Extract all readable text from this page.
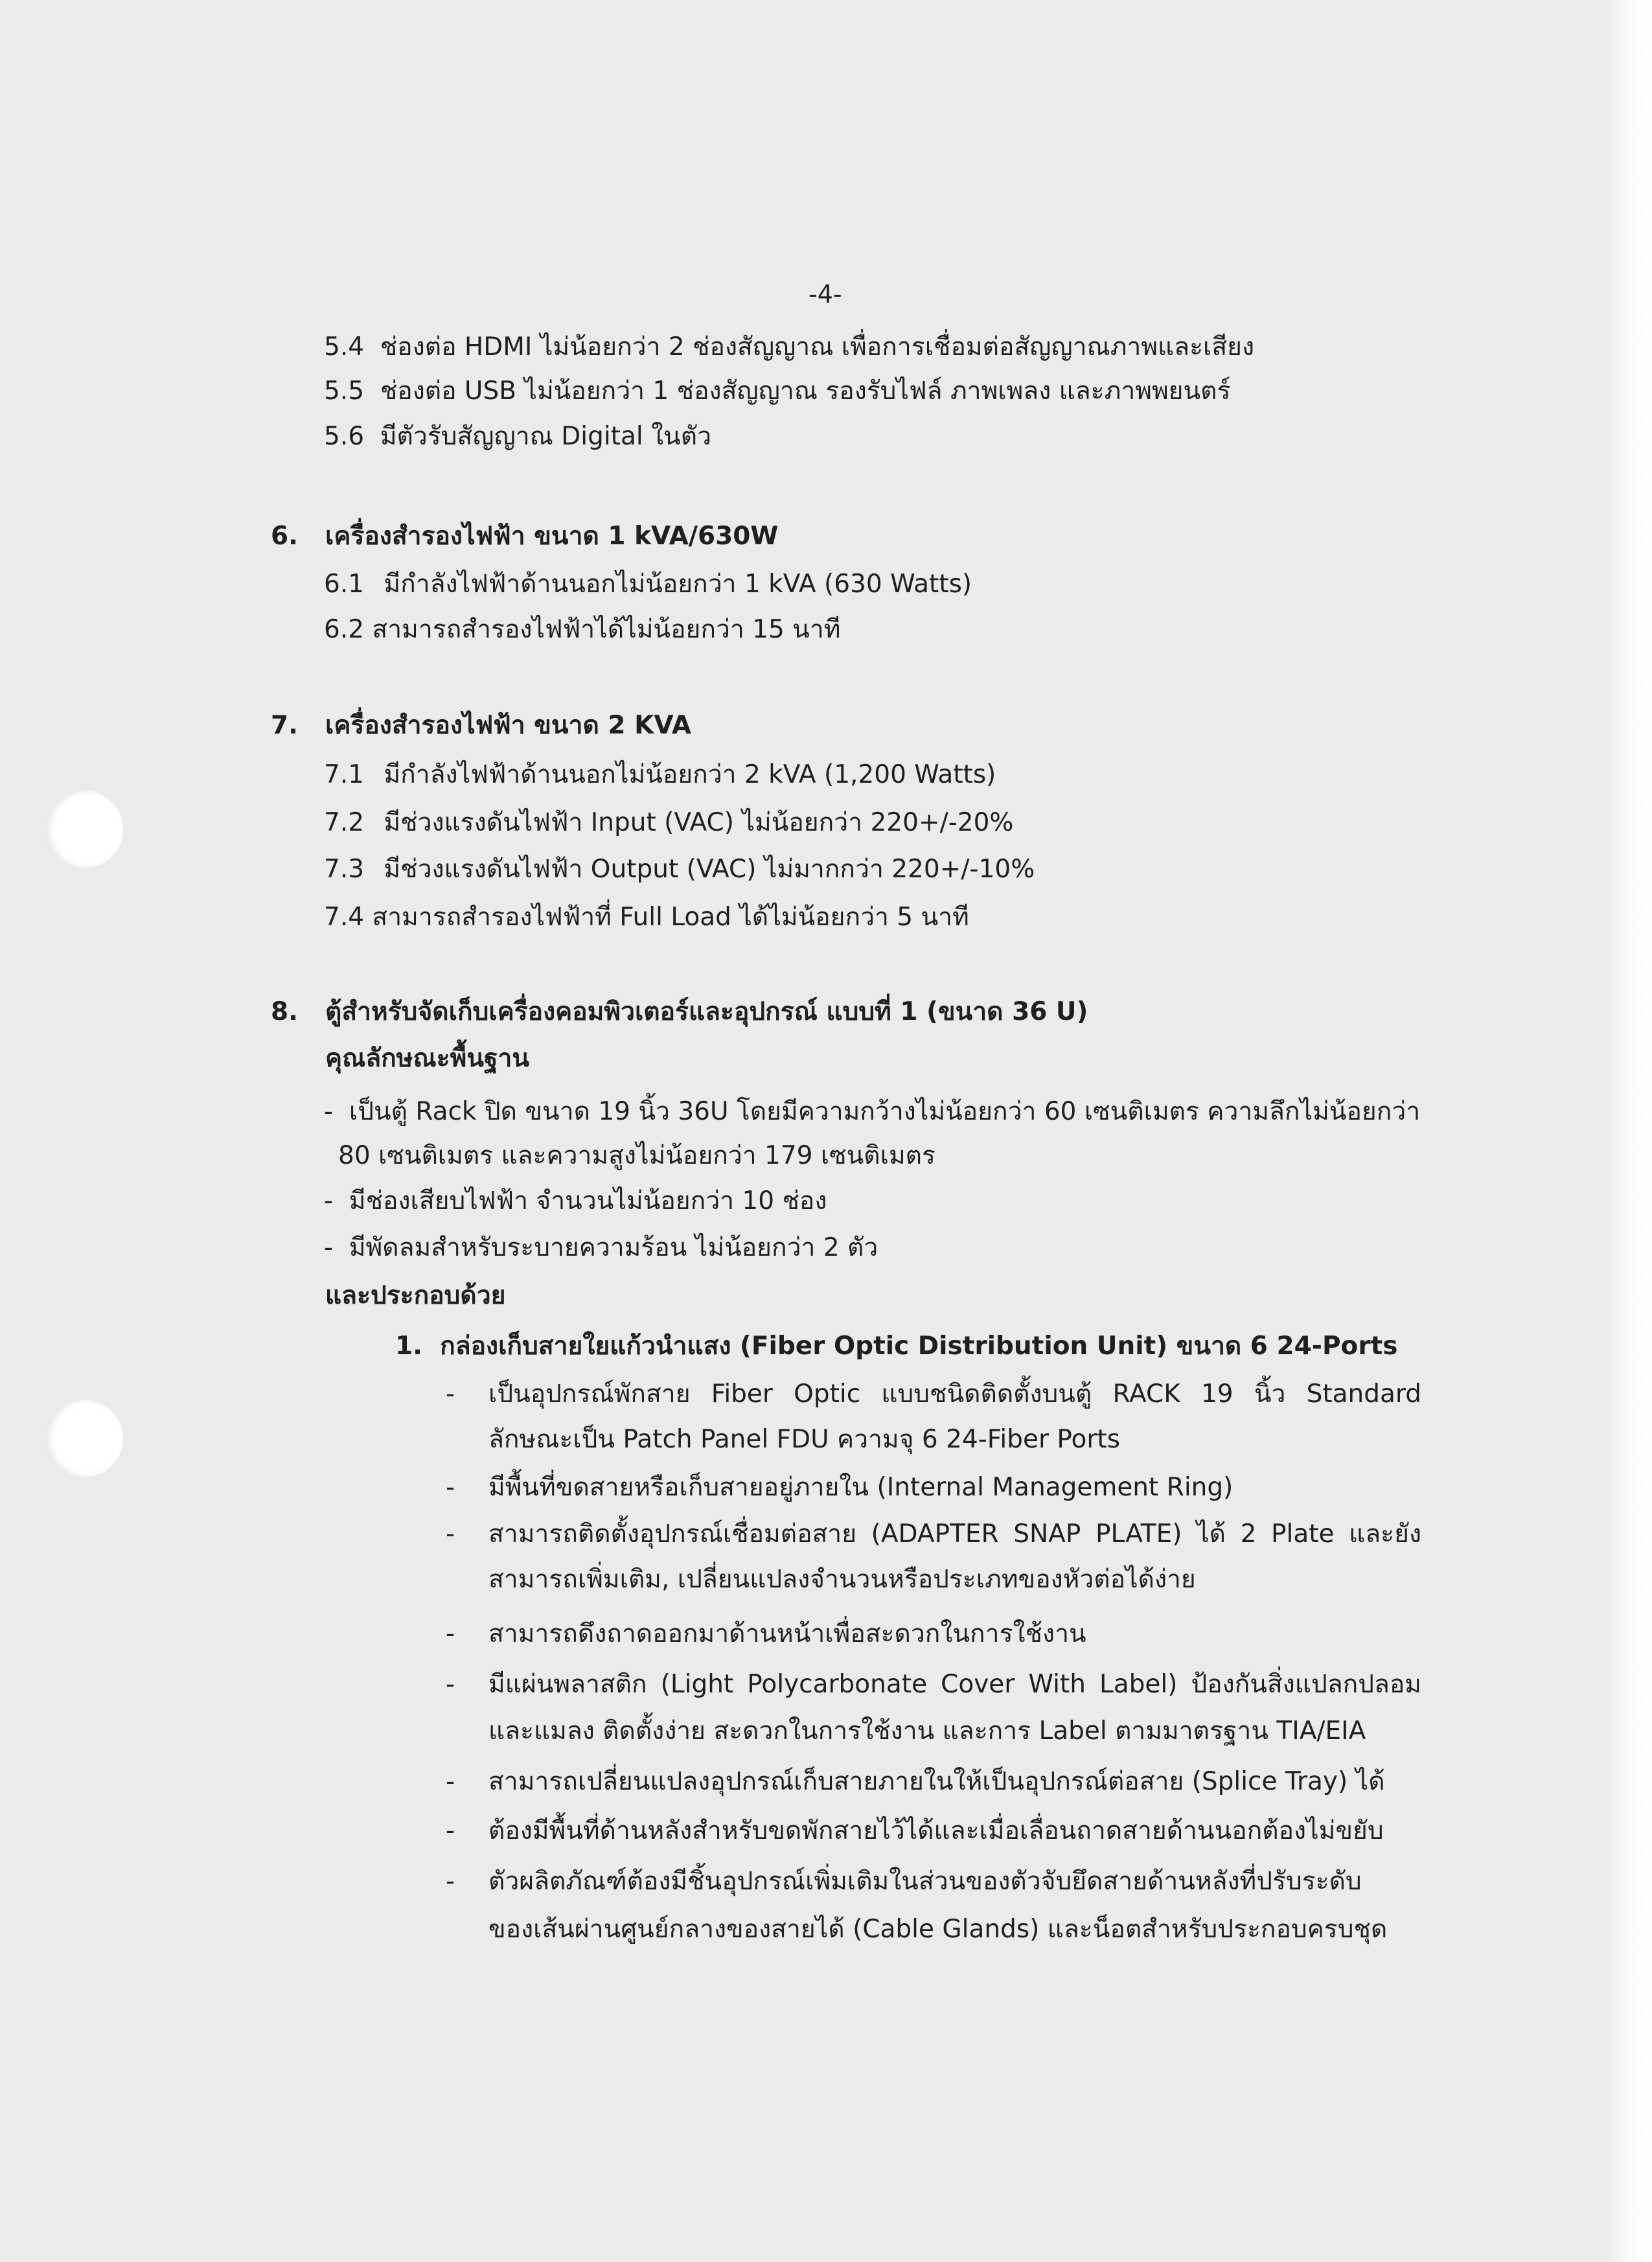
-4-
5.4 ช่องต่อ HDMI ไม่น้อยกว่า 2 ช่องสัญญาณ เพื่อการเชื่อมต่อสัญญาณภาพและเสียง
5.5 ช่องต่อ USB ไม่น้อยกว่า 1 ช่องสัญญาณ รองรับไฟล์ ภาพเพลง และภาพพยนตร์
5.6 มีตัวรับสัญญาณ Digital ในตัว
6. เครื่องสำรองไฟฟ้า ขนาด 1 kVA/630W
6.1 มีกำลังไฟฟ้าด้านนอกไม่น้อยกว่า 1 kVA (630 Watts)
6.2 สามารถสำรองไฟฟ้าได้ไม่น้อยกว่า 15 นาที
7. เครื่องสำรองไฟฟ้า ขนาด 2 KVA
7.1 มีกำลังไฟฟ้าด้านนอกไม่น้อยกว่า 2 kVA (1,200 Watts)
7.2 มีช่วงแรงดันไฟฟ้า Input (VAC) ไม่น้อยกว่า 220+/-20%
7.3 มีช่วงแรงดันไฟฟ้า Output (VAC) ไม่มากกว่า 220+/-10%
7.4 สามารถสำรองไฟฟ้าที่ Full Load ได้ไม่น้อยกว่า 5 นาที
8. ตู้สำหรับจัดเก็บเครื่องคอมพิวเตอร์และอุปกรณ์ แบบที่ 1 (ขนาด 36 U)
คุณลักษณะพื้นฐาน
- เป็นตู้ Rack ปิด ขนาด 19 นิ้ว 36U โดยมีความกว้างไม่น้อยกว่า 60 เซนติเมตร ความลึกไม่น้อยกว่า
80 เซนติเมตร และความสูงไม่น้อยกว่า 179 เซนติเมตร
- มีช่องเสียบไฟฟ้า จำนวนไม่น้อยกว่า 10 ช่อง
- มีพัดลมสำหรับระบายความร้อน ไม่น้อยกว่า 2 ตัว
และประกอบด้วย
1. กล่องเก็บสายใยแก้วนำแสง (Fiber Optic Distribution Unit) ขนาด 6 24-Ports
- เป็นอุปกรณ์พักสาย Fiber Optic แบบชนิดติดตั้งบนตู้ RACK 19 นิ้ว Standard
ลักษณะเป็น Patch Panel FDU ความจุ 6 24-Fiber Ports
- มีพื้นที่ขดสายหรือเก็บสายอยู่ภายใน (Internal Management Ring)
- สามารถติดตั้งอุปกรณ์เชื่อมต่อสาย (ADAPTER SNAP PLATE) ได้ 2 Plate และยัง
สามารถเพิ่มเติม, เปลี่ยนแปลงจำนวนหรือประเภทของหัวต่อได้ง่าย
- สามารถดึงถาดออกมาด้านหน้าเพื่อสะดวกในการใช้งาน
- มีแผ่นพลาสติก (Light Polycarbonate Cover With Label) ป้องกันสิ่งแปลกปลอม
และแมลง ติดตั้งง่าย สะดวกในการใช้งาน และการ Label ตามมาตรฐาน TIA/EIA
- สามารถเปลี่ยนแปลงอุปกรณ์เก็บสายภายในให้เป็นอุปกรณ์ต่อสาย (Splice Tray) ได้
- ต้องมีพื้นที่ด้านหลังสำหรับขดพักสายไว้ได้และเมื่อเลื่อนถาดสายด้านนอกต้องไม่ขยับ
- ตัวผลิตภัณฑ์ต้องมีชิ้นอุปกรณ์เพิ่มเติมในส่วนของตัวจับยึดสายด้านหลังที่ปรับระดับ
ของเส้นผ่านศูนย์กลางของสายได้ (Cable Glands) และน็อตสำหรับประกอบครบชุด
